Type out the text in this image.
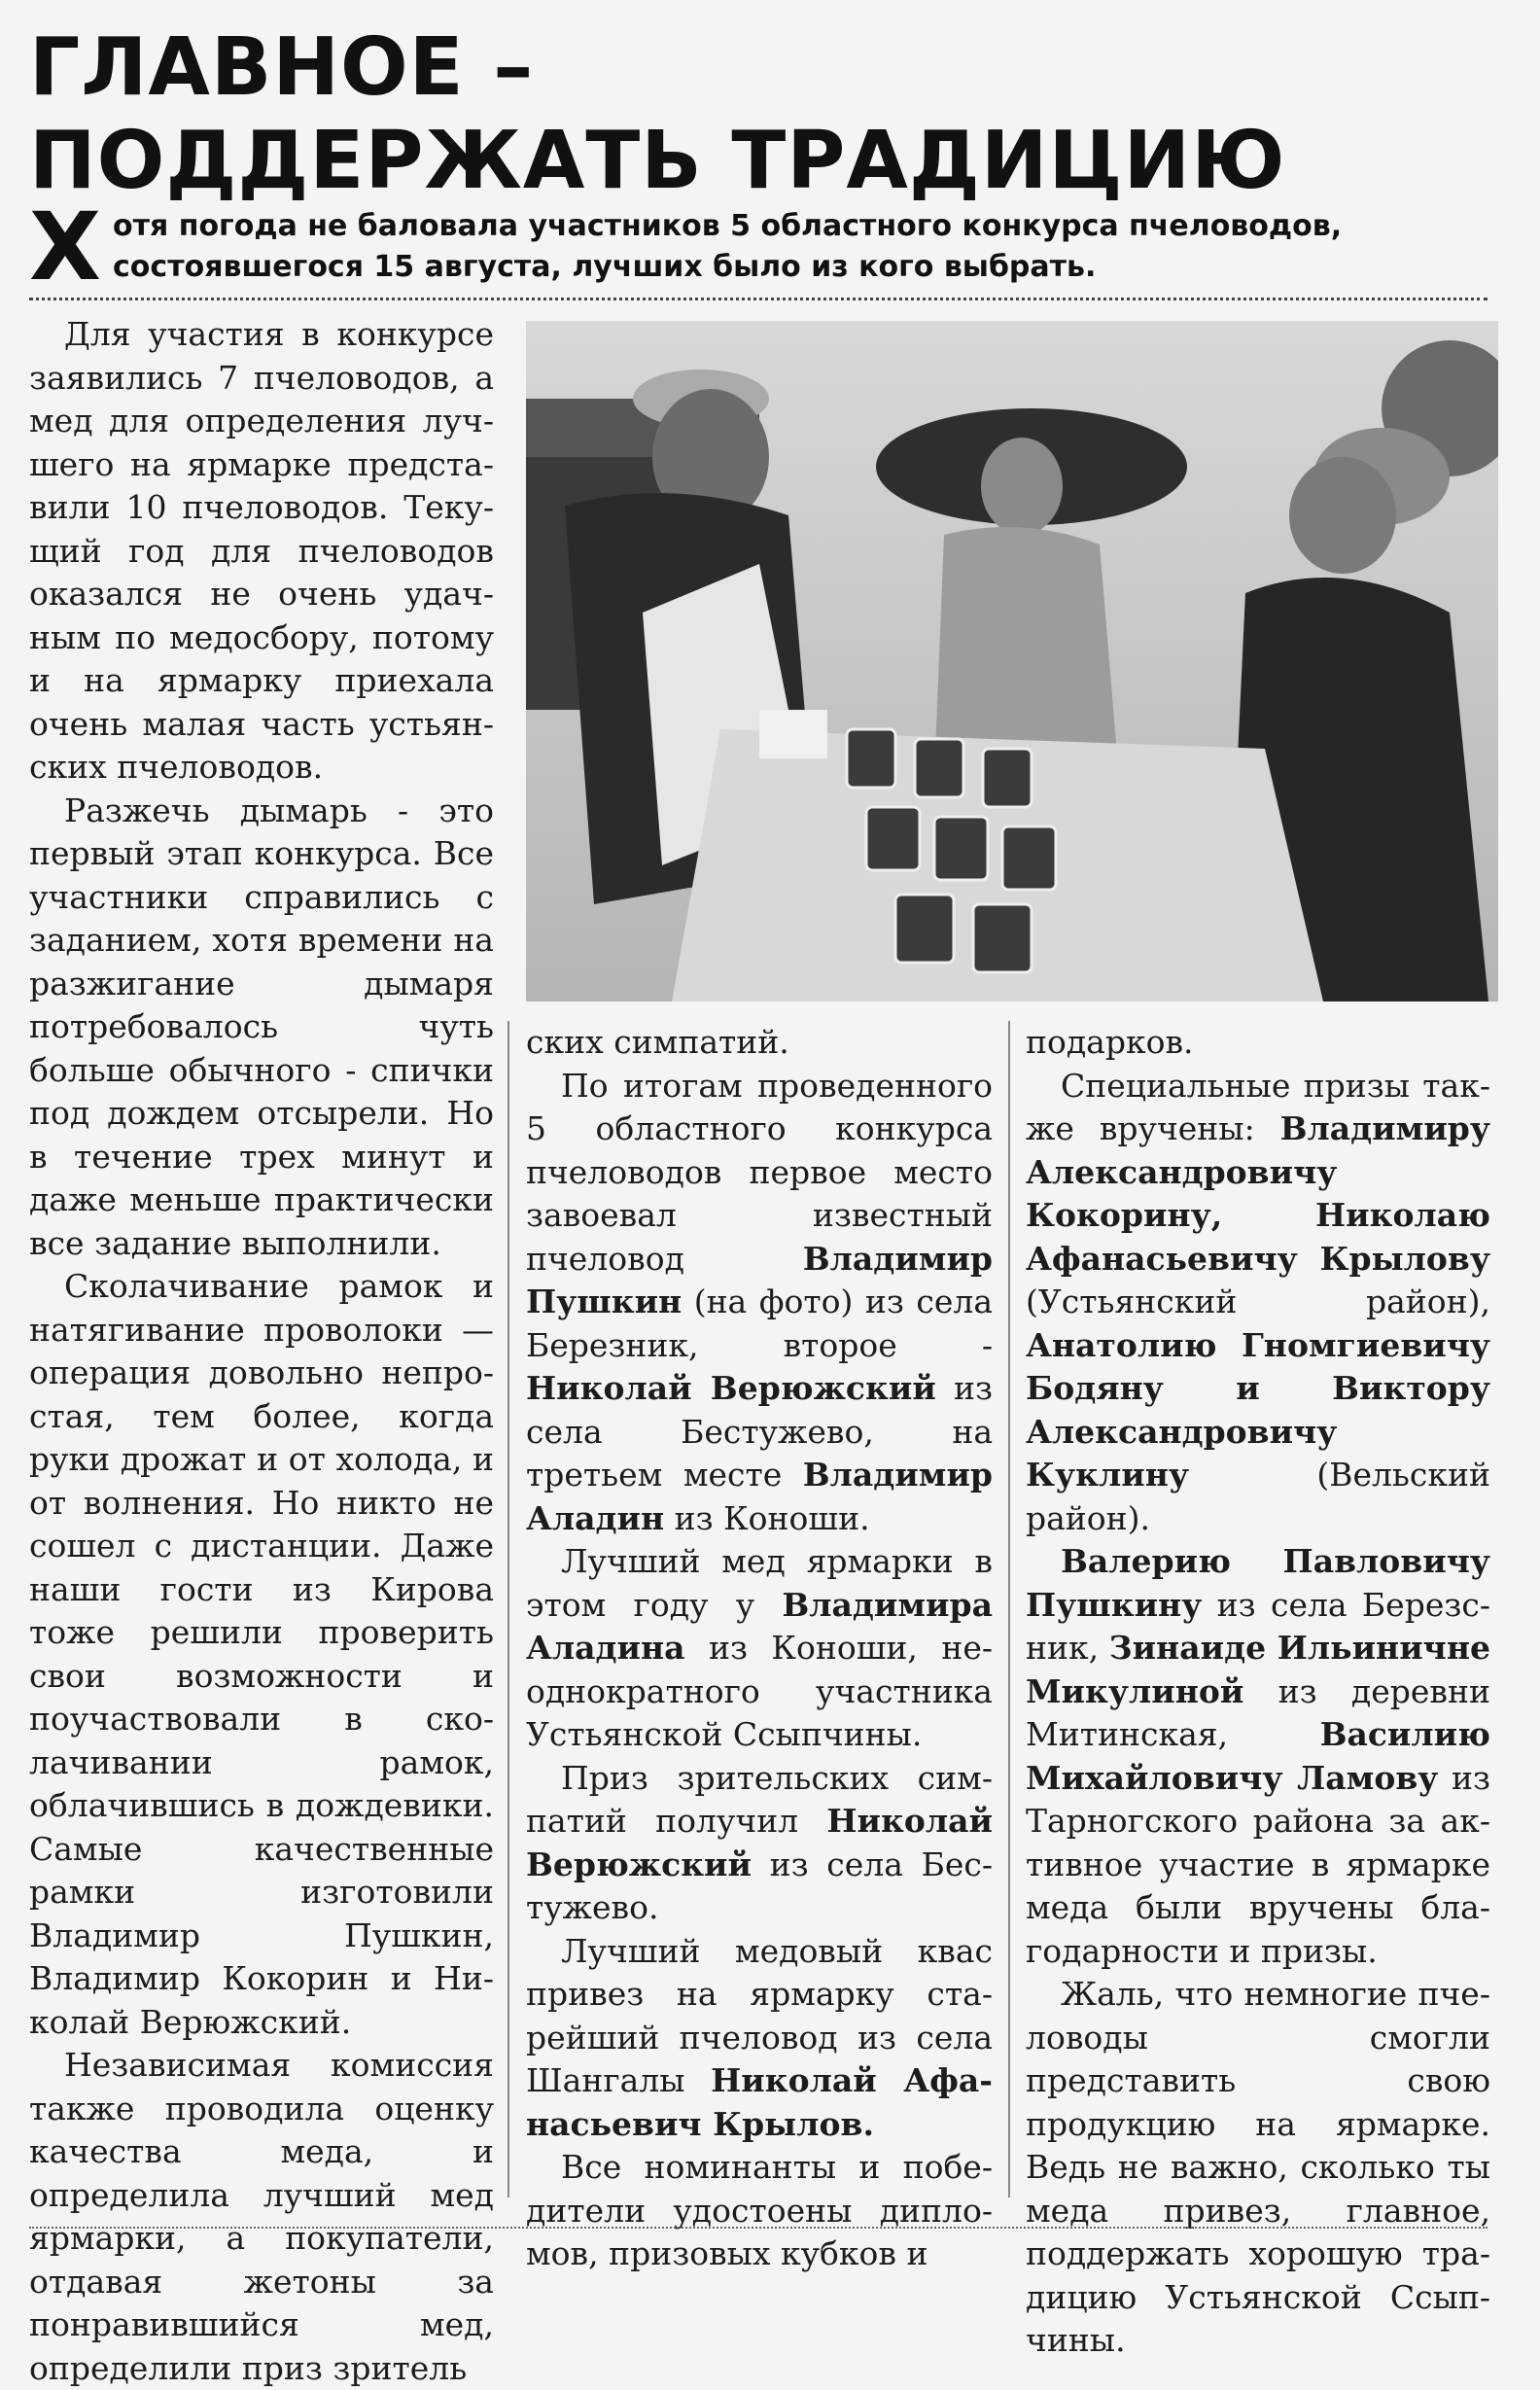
ГЛАВНОЕ –
ПОДДЕРЖАТЬ ТРАДИЦИЮ
Х отя погода не баловала участников 5 областного конкурса пчеловодов, состоявшегося 15 августа, лучших было из кого выбрать.

Для участия в конкурсе заявились 7 пчеловодов, а мед для определения лучшего на ярмарке представили 10 пчеловодов. Текущий год для пчеловодов оказался не очень удачным по медосбору, потому и на ярмарку приехала очень малая часть устьянских пчеловодов.

Разжечь дымарь - это первый этап конкурса. Все участники справились с заданием, хотя времени на разжигание дымаря потребовалось чуть больше обычного - спички под дождем отсырели. Но в течение трех минут и даже меньше практически все задание выполнили.

Сколачивание рамок и натягивание проволоки — операция довольно непростая, тем более, когда руки дрожат и от холода, и от волнения. Но никто не сошел с дистанции. Даже наши гости из Кирова тоже решили проверить свои возможности и поучаствовали в сколачивании рамок, облачившись в дождевики. Самые качественные рамки изготовили Владимир Пушкин, Владимир Кокорин и Николай Верюжский.

Независимая комиссия также проводила оценку качества меда, и определила лучший мед ярмарки, а покупатели, отдавая жетоны за понравившийся мед, определили приз зритель

ских симпатий.

По итогам проведенного 5 областного конкурса пчеловодов первое место завоевал известный пчеловод Владимир Пушкин (на фото) из села Березник, второе - Николай Верюжский из села Бестужево, на третьем месте Владимир Аладин из Коноши.

Лучший мед ярмарки в этом году у Владимира Аладина из Коноши, неоднократного участника Устьянской Ссыпчины.

Приз зрительских симпатий получил Николай Верюжский из села Бестужево.

Лучший медовый квас привез на ярмарку старейший пчеловод из села Шангалы Николай Афанасьевич Крылов.

Все номинанты и победители удостоены дипломов, призовых кубков и

подарков.

Специальные призы также вручены: Владимиру Александровичу Кокорину, Николаю Афанасьевичу Крылову (Устьянский район), Анатолию Гномгиевичу Бодяну и Виктору Александровичу Куклину (Вельский район).

Валерию Павловичу Пушкину из села Березсник, Зинаиде Ильиничне Микулиной из деревни Митинская, Василию Михайловичу Ламову из Тарногского района за активное участие в ярмарке меда были вручены благодарности и призы.

Жаль, что немногие пчеловоды смогли представить свою продукцию на ярмарке. Ведь не важно, сколько ты меда привез, главное, поддержать хорошую традицию Устьянской Ссыпчины.
